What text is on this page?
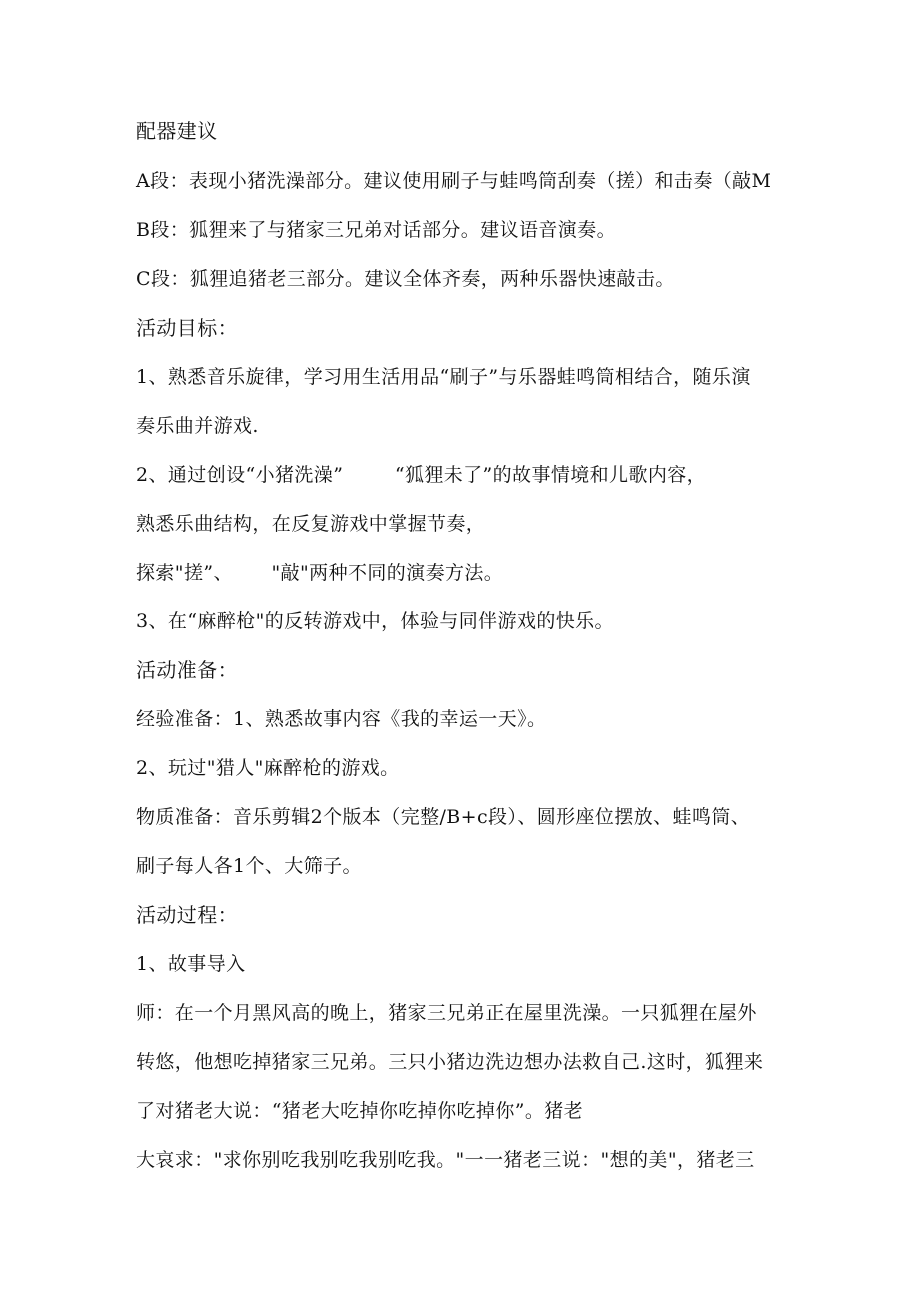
配器建议
A段：表现小猪洗澡部分。建议使用刷子与蛙鸣筒刮奏（搓）和击奏（敲M
B段：狐狸来了与猪家三兄弟对话部分。建议语音演奏。
C段：狐狸追猪老三部分。建议全体齐奏，两种乐器快速敲击。
活动目标：
1、熟悉音乐旋律，学习用生活用品“刷子”与乐器蛙鸣筒相结合，随乐演
奏乐曲并游戏.
2、通过创设“小猪洗澡”        “狐狸未了”的故事情境和儿歌内容，
熟悉乐曲结构，在反复游戏中掌握节奏，
探索"搓”、      "敲"两种不同的演奏方法。
3、在“麻醉枪"的反转游戏中，体验与同伴游戏的快乐。
活动准备：
经验准备：1、熟悉故事内容《我的幸运一天》。
2、玩过"猎人"麻醉枪的游戏。
物质准备：音乐剪辑2个版本（完整/B+c段）、圆形座位摆放、蛙鸣筒、
刷子每人各1个、大筛子。
活动过程：
1、故事导入
师：在一个月黑风高的晚上，猪家三兄弟正在屋里洗澡。一只狐狸在屋外
转悠，他想吃掉猪家三兄弟。三只小猪边洗边想办法救自己.这时，狐狸来
了对猪老大说：“猪老大吃掉你吃掉你吃掉你”。猪老
大哀求："求你别吃我别吃我别吃我。"一一猪老三说："想的美"，猪老三
